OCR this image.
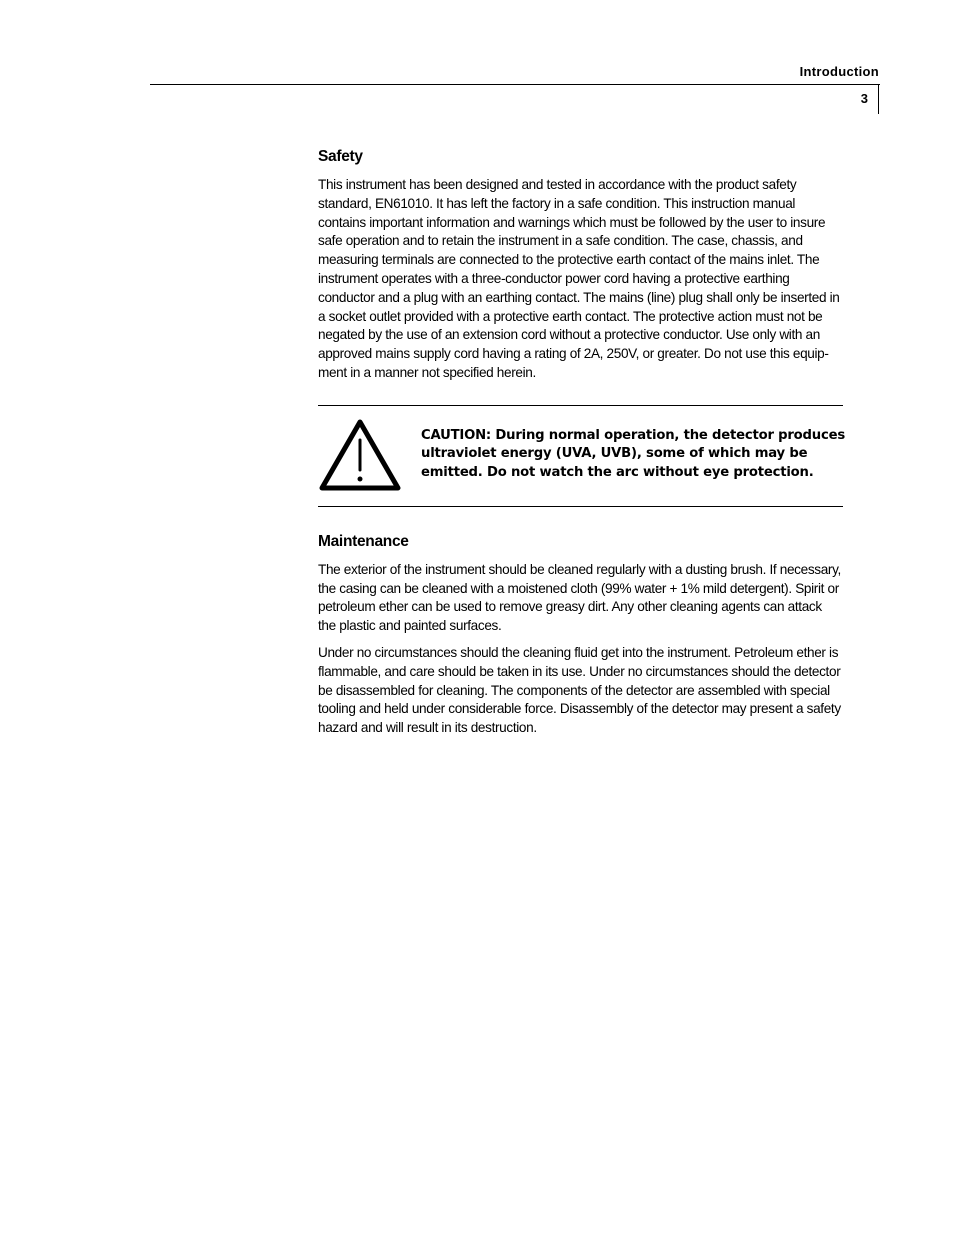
Introduction
3
Safety

This instrument has been designed and tested in accordance with the product safety standard, EN61010. It has left the factory in a safe condition. This instruction manual contains important information and warnings which must be followed by the user to insure safe operation and to retain the instrument in a safe condition. The case, chassis, and measuring terminals are connected to the protective earth contact of the mains inlet. The instrument operates with a three-conductor power cord having a protective earthing conductor and a plug with an earthing contact. The mains (line) plug shall only be inserted in a socket outlet provided with a protective earth contact. The protective action must not be negated by the use of an extension cord without a protective conductor. Use only with an approved mains supply cord having a rating of 2A, 250V, or greater. Do not use this equip-ment in a manner not specified herein.

CAUTION: During normal operation, the detector produces ultraviolet energy (UVA, UVB), some of which may be emitted. Do not watch the arc without eye protection.
Maintenance

The exterior of the instrument should be cleaned regularly with a dusting brush. If necessary, the casing can be cleaned with a moistened cloth (99% water + 1% mild detergent). Spirit or petroleum ether can be used to remove greasy dirt. Any other cleaning agents can attack the plastic and painted surfaces.

Under no circumstances should the cleaning fluid get into the instrument. Petroleum ether is flammable, and care should be taken in its use. Under no circumstances should the detector be disassembled for cleaning. The components of the detector are assembled with special tooling and held under considerable force. Disassembly of the detector may present a safety hazard and will result in its destruction.
